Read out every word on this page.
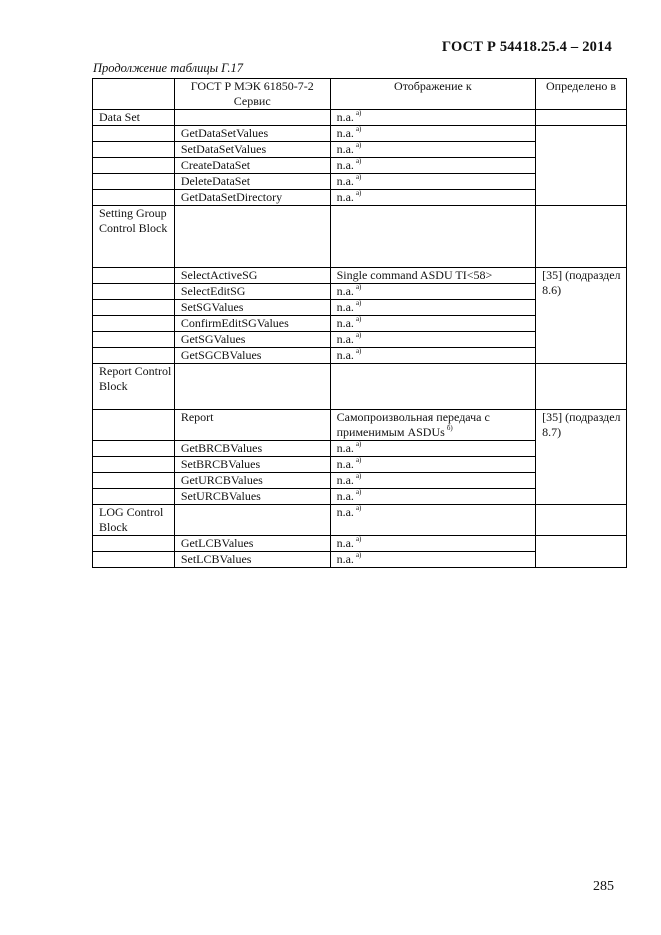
ГОСТ Р 54418.25.4 – 2014
Продолжение таблицы Г.17
	ГОСТ Р МЭК 61850-7-2 Сервис	Отображение к	Определено в
Data Set		n.a. $^{а)}$	
	GetDataSetValues	n.a. $^{а)}$	
	SetDataSetValues	n.a. $^{а)}$
	CreateDataSet	n.a. $^{а)}$
	DeleteDataSet	n.a. $^{а)}$
	GetDataSetDirectory	n.a. $^{а)}$
Setting Group Control Block			
	SelectActiveSG	Single command ASDU TI<58>	[35] (подраздел 8.6)
	SelectEditSG	n.a. $^{а)}$
	SetSGValues	n.a. $^{а)}$
	ConfirmEditSGValues	n.a. $^{а)}$
	GetSGValues	n.a. $^{а)}$
	GetSGCBValues	n.a. $^{а)}$
Report Control Block			
	Report	Самопроизвольная передача с применимым ASDUs $^{б)}$	[35] (подраздел 8.7)
	GetBRCBValues	n.a. $^{а)}$
	SetBRCBValues	n.a. $^{а)}$
	GetURCBValues	n.a. $^{а)}$
	SetURCBValues	n.a. $^{а)}$
LOG Control Block		n.a. $^{а)}$	
	GetLCBValues	n.a. $^{а)}$	
	SetLCBValues	n.a. $^{а)}$
285
